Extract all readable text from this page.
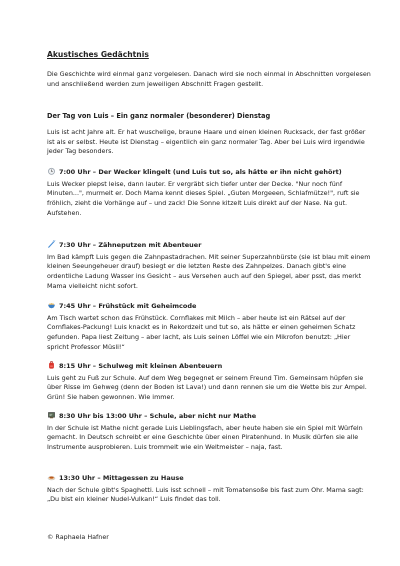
Akustisches Gedächtnis

Die Geschichte wird einmal ganz vorgelesen. Danach wird sie noch einmal in Abschnitten vorgelesen und anschließend werden zum jeweiligen Abschnitt Fragen gestellt.

Der Tag von Luis – Ein ganz normaler (besonderer) Dienstag

Luis ist acht Jahre alt. Er hat wuschelige, braune Haare und einen kleinen Rucksack, der fast größer ist als er selbst. Heute ist Dienstag – eigentlich ein ganz normaler Tag. Aber bei Luis wird irgendwie jeder Tag besonders.

7:00 Uhr – Der Wecker klingelt (und Luis tut so, als hätte er ihn nicht gehört)

Luis Wecker piepst leise, dann lauter. Er vergräbt sich tiefer unter der Decke. "Nur noch fünf Minuten...", murmelt er. Doch Mama kennt dieses Spiel. „Guten Morgeeen, Schlafmütze!", ruft sie fröhlich, zieht die Vorhänge auf – und zack! Die Sonne kitzelt Luis direkt auf der Nase. Na gut. Aufstehen.

7:30 Uhr – Zähneputzen mit Abenteuer

Im Bad kämpft Luis gegen die Zahnpastadrachen. Mit seiner Superzahnbürste (sie ist blau mit einem kleinen Seeungeheuer drauf) besiegt er die letzten Reste des Zahnpelzes. Danach gibt's eine ordentliche Ladung Wasser ins Gesicht – aus Versehen auch auf den Spiegel, aber psst, das merkt Mama vielleicht nicht sofort.

7:45 Uhr – Frühstück mit Geheimcode

Am Tisch wartet schon das Frühstück. Cornflakes mit Milch – aber heute ist ein Rätsel auf der Cornflakes-Packung! Luis knackt es in Rekordzeit und tut so, als hätte er einen geheimen Schatz gefunden. Papa liest Zeitung – aber lacht, als Luis seinen Löffel wie ein Mikrofon benutzt: „Hier spricht Professor Müsli!“

8:15 Uhr – Schulweg mit kleinen Abenteuern

Luis geht zu Fuß zur Schule. Auf dem Weg begegnet er seinem Freund Tim. Gemeinsam hüpfen sie über Risse im Gehweg (denn der Boden ist Lava!) und dann rennen sie um die Wette bis zur Ampel. Grün! Sie haben gewonnen. Wie immer.

8:30 Uhr bis 13:00 Uhr – Schule, aber nicht nur Mathe

In der Schule ist Mathe nicht gerade Luis Lieblingsfach, aber heute haben sie ein Spiel mit Würfeln gemacht. In Deutsch schreibt er eine Geschichte über einen Piratenhund. In Musik dürfen sie alle Instrumente ausprobieren. Luis trommelt wie ein Weltmeister – naja, fast.

13:30 Uhr – Mittagessen zu Hause

Nach der Schule gibt's Spaghetti. Luis isst schnell – mit Tomatensoße bis fast zum Ohr. Mama sagt: „Du bist ein kleiner Nudel-Vulkan!“ Luis findet das toll.

© Raphaela Hafner
